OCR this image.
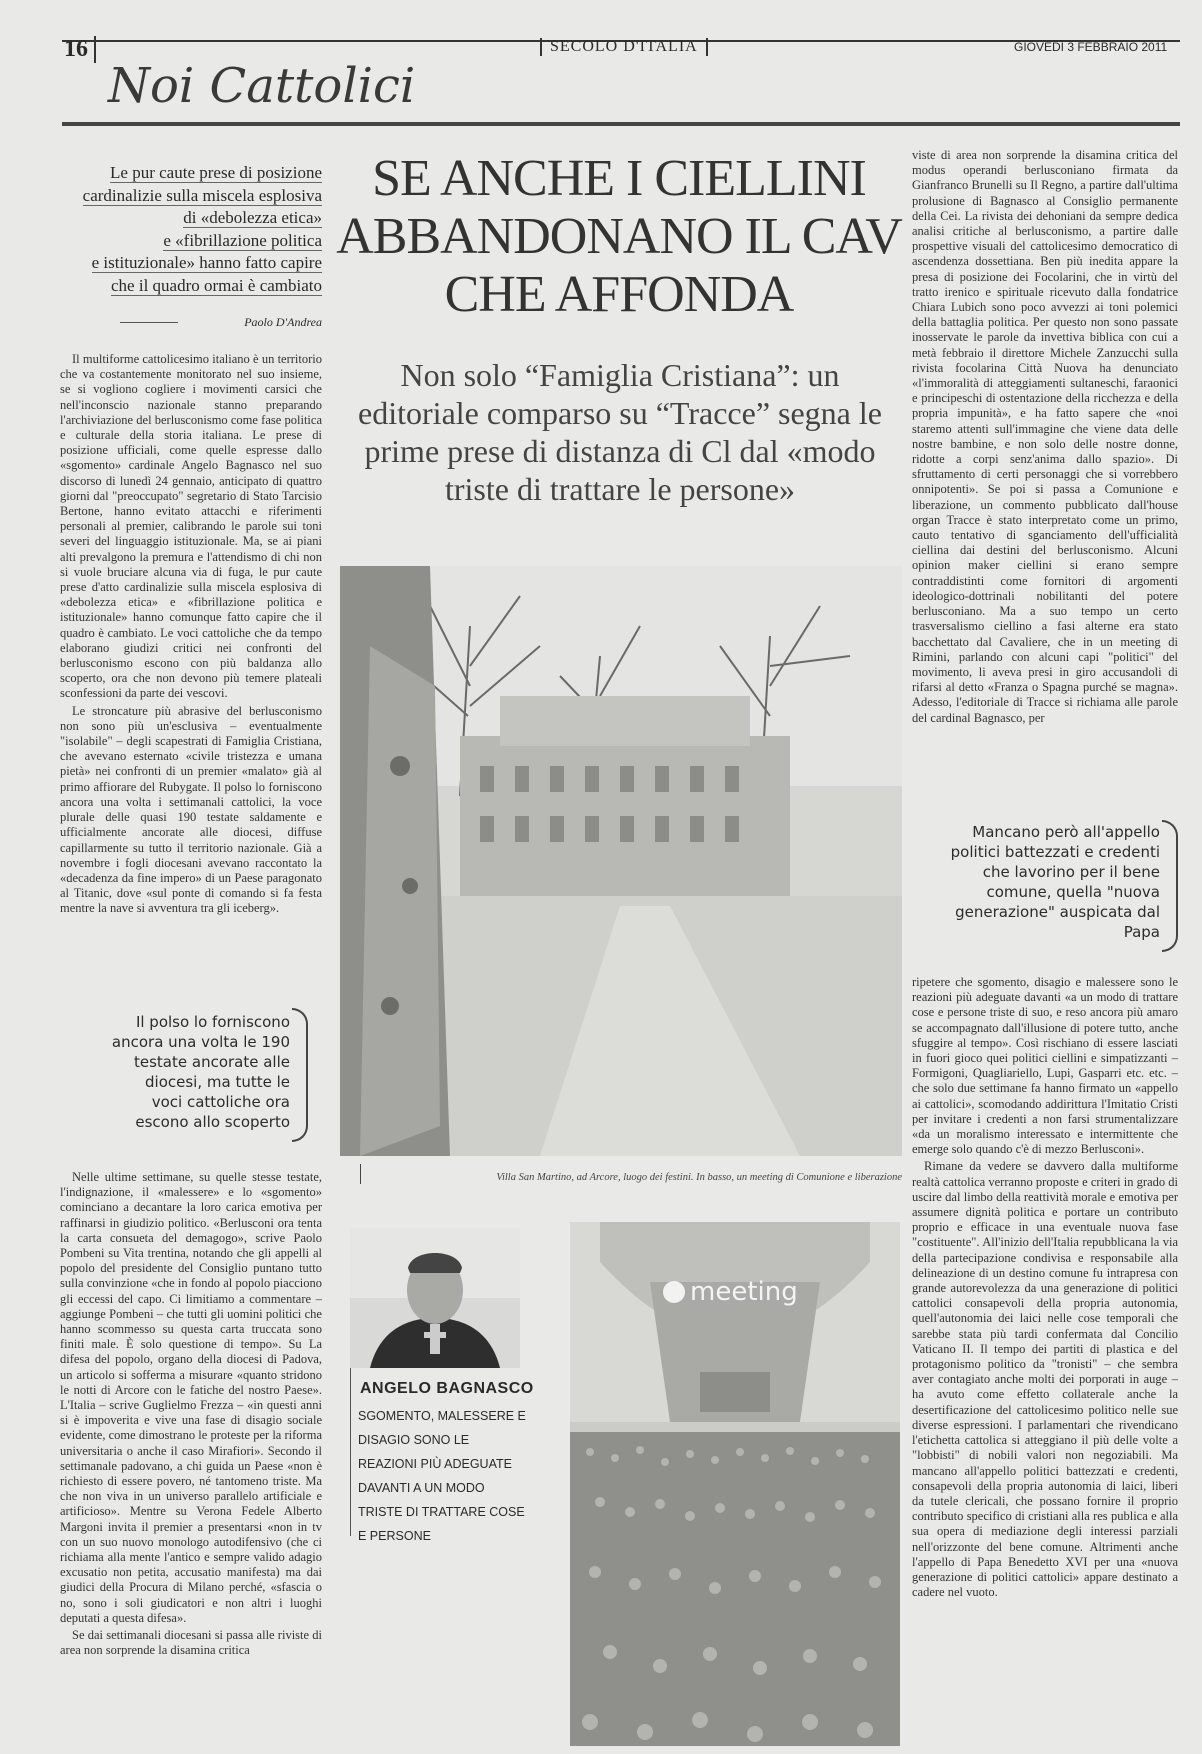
16	SECOLO D'ITALIA	GIOVEDÌ 3 FEBBRAIO 2011
Noi Cattolici
Le pur caute prese di posizione
cardinalizie sulla miscela esplosiva
di «debolezza etica»
e «fibrillazione politica
e istituzionale» hanno fatto capire
che il quadro ormai è cambiato
Paolo D'Andrea
SE ANCHE I CIELLINI ABBANDONANO IL CAV CHE AFFONDA
Non solo “Famiglia Cristiana”: un editoriale comparso su “Tracce” segna le prime prese di distanza di Cl dal «modo triste di trattare le persone»

Il multiforme cattolicesimo italiano è un territorio che va costantemente monitorato nel suo insieme, se si vogliono cogliere i movimenti carsici che nell'inconscio nazionale stanno preparando l'archiviazione del berlusconismo come fase politica e culturale della storia italiana. Le prese di posizione ufficiali, come quelle espresse dallo «sgomento» cardinale Angelo Bagnasco nel suo discorso di lunedì 24 gennaio, anticipato di quattro giorni dal "preoccupato" segretario di Stato Tarcisio Bertone, hanno evitato attacchi e riferimenti personali al premier, calibrando le parole sui toni severi del linguaggio istituzionale. Ma, se ai piani alti prevalgono la premura e l'attendismo di chi non si vuole bruciare alcuna via di fuga, le pur caute prese d'atto cardinalizie sulla miscela esplosiva di «debolezza etica» e «fibrillazione politica e istituzionale» hanno comunque fatto capire che il quadro è cambiato. Le voci cattoliche che da tempo elaborano giudizi critici nei confronti del berlusconismo escono con più baldanza allo scoperto, ora che non devono più temere plateali sconfessioni da parte dei vescovi.

Le stroncature più abrasive del berlusconismo non sono più un'esclusiva – eventualmente "isolabile" – degli scapestrati di Famiglia Cristiana, che avevano esternato «civile tristezza e umana pietà» nei confronti di un premier «malato» già al primo affiorare del Rubygate. Il polso lo forniscono ancora una volta i settimanali cattolici, la voce plurale delle quasi 190 testate saldamente e ufficialmente ancorate alle diocesi, diffuse capillarmente su tutto il territorio nazionale. Già a novembre i fogli diocesani avevano raccontato la «decadenza da fine impero» di un Paese paragonato al Titanic, dove «sul ponte di comando si fa festa mentre la nave si avventura tra gli iceberg».

Il polso lo forniscono ancora una volta le 190 testate ancorate alle diocesi, ma tutte le voci cattoliche ora escono allo scoperto

Nelle ultime settimane, su quelle stesse testate, l'indignazione, il «malessere» e lo «sgomento» cominciano a decantare la loro carica emotiva per raffinarsi in giudizio politico. «Berlusconi ora tenta la carta consueta del demagogo», scrive Paolo Pombeni su Vita trentina, notando che gli appelli al popolo del presidente del Consiglio puntano tutto sulla convinzione «che in fondo al popolo piacciono gli eccessi del capo. Ci limitiamo a commentare – aggiunge Pombeni – che tutti gli uomini politici che hanno scommesso su questa carta truccata sono finiti male. È solo questione di tempo». Su La difesa del popolo, organo della diocesi di Padova, un articolo si sofferma a misurare «quanto stridono le notti di Arcore con le fatiche del nostro Paese». L'Italia – scrive Guglielmo Frezza – «in questi anni si è impoverita e vive una fase di disagio sociale evidente, come dimostrano le proteste per la riforma universitaria o anche il caso Mirafiori». Secondo il settimanale padovano, a chi guida un Paese «non è richiesto di essere povero, né tantomeno triste. Ma che non viva in un universo parallelo artificiale e artificioso». Mentre su Verona Fedele Alberto Margoni invita il premier a presentarsi «non in tv con un suo nuovo monologo autodifensivo (che ci richiama alla mente l'antico e sempre valido adagio excusatio non petita, accusatio manifesta) ma dai giudici della Procura di Milano perché, «sfascia o no, sono i soli giudicatori e non altri i luoghi deputati a questa difesa».

Se dai settimanali diocesani si passa alle riviste di area non sorprende la disamina critica

Villa San Martino, ad Arcore, luogo dei festini. In basso, un meeting di Comunione e liberazione

viste di area non sorprende la disamina critica del modus operandi berlusconiano firmata da Gianfranco Brunelli su Il Regno, a partire dall'ultima prolusione di Bagnasco al Consiglio permanente della Cei. La rivista dei dehoniani da sempre dedica analisi critiche al berlusconismo, a partire dalle prospettive visuali del cattolicesimo democratico di ascendenza dossettiana. Ben più inedita appare la presa di posizione dei Focolarini, che in virtù del tratto irenico e spirituale ricevuto dalla fondatrice Chiara Lubich sono poco avvezzi ai toni polemici della battaglia politica. Per questo non sono passate inosservate le parole da invettiva biblica con cui a metà febbraio il direttore Michele Zanzucchi sulla rivista focolarina Città Nuova ha denunciato «l'immoralità di atteggiamenti sultaneschi, faraonici e principeschi di ostentazione della ricchezza e della propria impunità», e ha fatto sapere che «noi staremo attenti sull'immagine che viene data delle nostre bambine, e non solo delle nostre donne, ridotte a corpi senz'anima dallo spazio». Di sfruttamento di certi personaggi che si vorrebbero onnipotenti». Se poi si passa a Comunione e liberazione, un commento pubblicato dall'house organ Tracce è stato interpretato come un primo, cauto tentativo di sganciamento dell'ufficialità ciellina dai destini del berlusconismo. Alcuni opinion maker ciellini si erano sempre contraddistinti come fornitori di argomenti ideologico-dottrinali nobilitanti del potere berlusconiano. Ma a suo tempo un certo trasversalismo ciellino a fasi alterne era stato bacchettato dal Cavaliere, che in un meeting di Rimini, parlando con alcuni capi "politici" del movimento, li aveva presi in giro accusandoli di rifarsi al detto «Franza o Spagna purché se magna». Adesso, l'editoriale di Tracce si richiama alle parole del cardinal Bagnasco, per

Mancano però all'appello politici battezzati e credenti che lavorino per il bene comune, quella "nuova generazione" auspicata dal Papa

ripetere che sgomento, disagio e malessere sono le reazioni più adeguate davanti «a un modo di trattare cose e persone triste di suo, e reso ancora più amaro se accompagnato dall'illusione di potere tutto, anche sfuggire al tempo». Così rischiano di essere lasciati in fuori gioco quei politici ciellini e simpatizzanti – Formigoni, Quagliariello, Lupi, Gasparri etc. etc. – che solo due settimane fa hanno firmato un «appello ai cattolici», scomodando addirittura l'Imitatio Cristi per invitare i credenti a non farsi strumentalizzare «da un moralismo interessato e intermittente che emerge solo quando c'è di mezzo Berlusconi».

Rimane da vedere se davvero dalla multiforme realtà cattolica verranno proposte e criteri in grado di uscire dal limbo della reattività morale e emotiva per assumere dignità politica e portare un contributo proprio e efficace in una eventuale nuova fase "costituente". All'inizio dell'Italia repubblicana la via della partecipazione condivisa e responsabile alla delineazione di un destino comune fu intrapresa con grande autorevolezza da una generazione di politici cattolici consapevoli della propria autonomia, quell'autonomia dei laici nelle cose temporali che sarebbe stata più tardi confermata dal Concilio Vaticano II. Il tempo dei partiti di plastica e del protagonismo politico da "tronisti" – che sembra aver contagiato anche molti dei porporati in auge – ha avuto come effetto collaterale anche la desertificazione del cattolicesimo politico nelle sue diverse espressioni. I parlamentari che rivendicano l'etichetta cattolica si atteggiano il più delle volte a "lobbisti" di nobili valori non negoziabili. Ma mancano all'appello politici battezzati e credenti, consapevoli della propria autonomia di laici, liberi da tutele clericali, che possano fornire il proprio contributo specifico di cristiani alla res publica e alla sua opera di mediazione degli interessi parziali nell'orizzonte del bene comune. Altrimenti anche l'appello di Papa Benedetto XVI per una «nuova generazione di politici cattolici» appare destinato a cadere nel vuoto.

ANGELO BAGNASCO
SGOMENTO, MALESSERE E DISAGIO SONO LE REAZIONI PIÙ ADEGUATE DAVANTI A UN MODO TRISTE DI TRATTARE COSE E PERSONE
meeting
